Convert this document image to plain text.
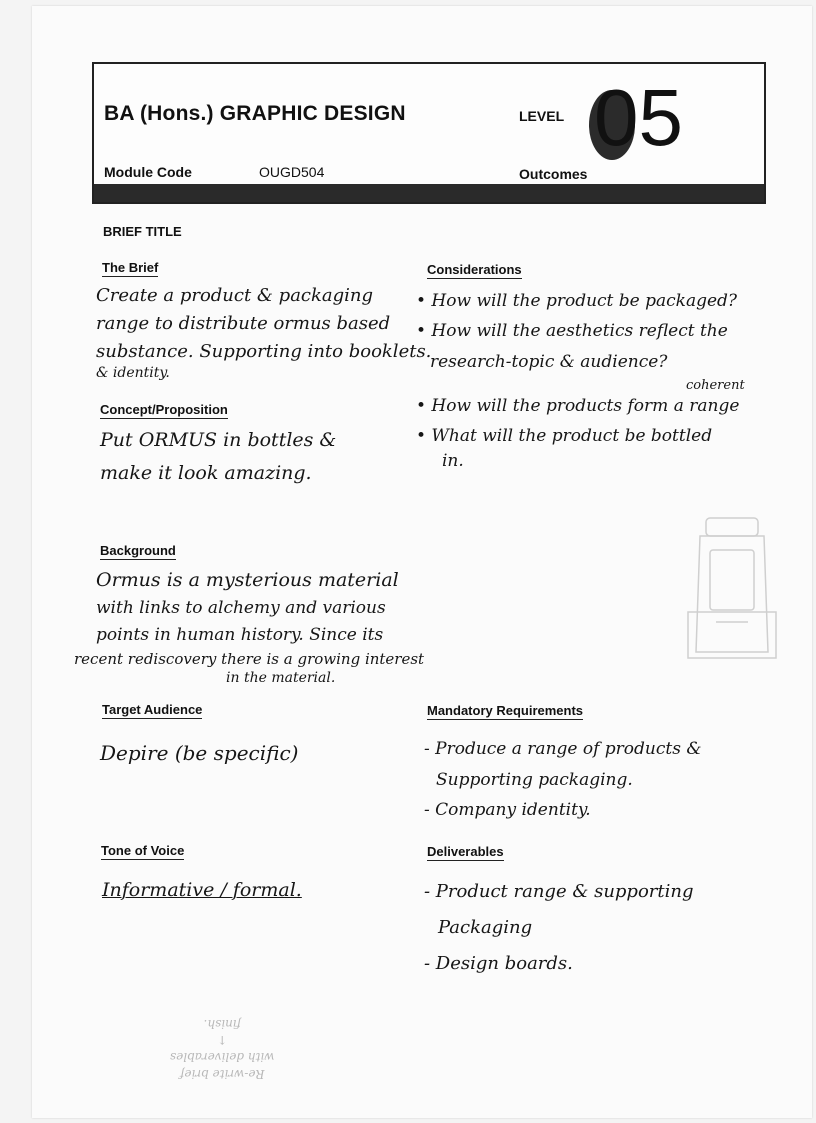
BA (Hons.) GRAPHIC DESIGN	LEVEL 05
Module Code	OUGD504	Outcomes
BRIEF TITLE
The Brief
Create a product & packaging
range to distribute ormus based
substance. Supporting into booklets.
& identity.
Concept/Proposition
Put ORMUS in bottles &
make it look amazing.
Background
Ormus is a mysterious material
with links to alchemy and various
points in human history. Since its
recent rediscovery there is a growing interest
in the material.
Target Audience
Depire (be specific)
Tone of Voice
Informative / formal.
Considerations
• How will the product be packaged?
• How will the aesthetics reflect the
research-topic & audience?
coherent
• How will the products form a range
• What will the product be bottled
in.
Mandatory Requirements
- Produce a range of products &
Supporting packaging.
- Company identity.
Deliverables
- Product range & supporting
Packaging
- Design boards.
Re-write brief
with deliverables
↑
finish.
